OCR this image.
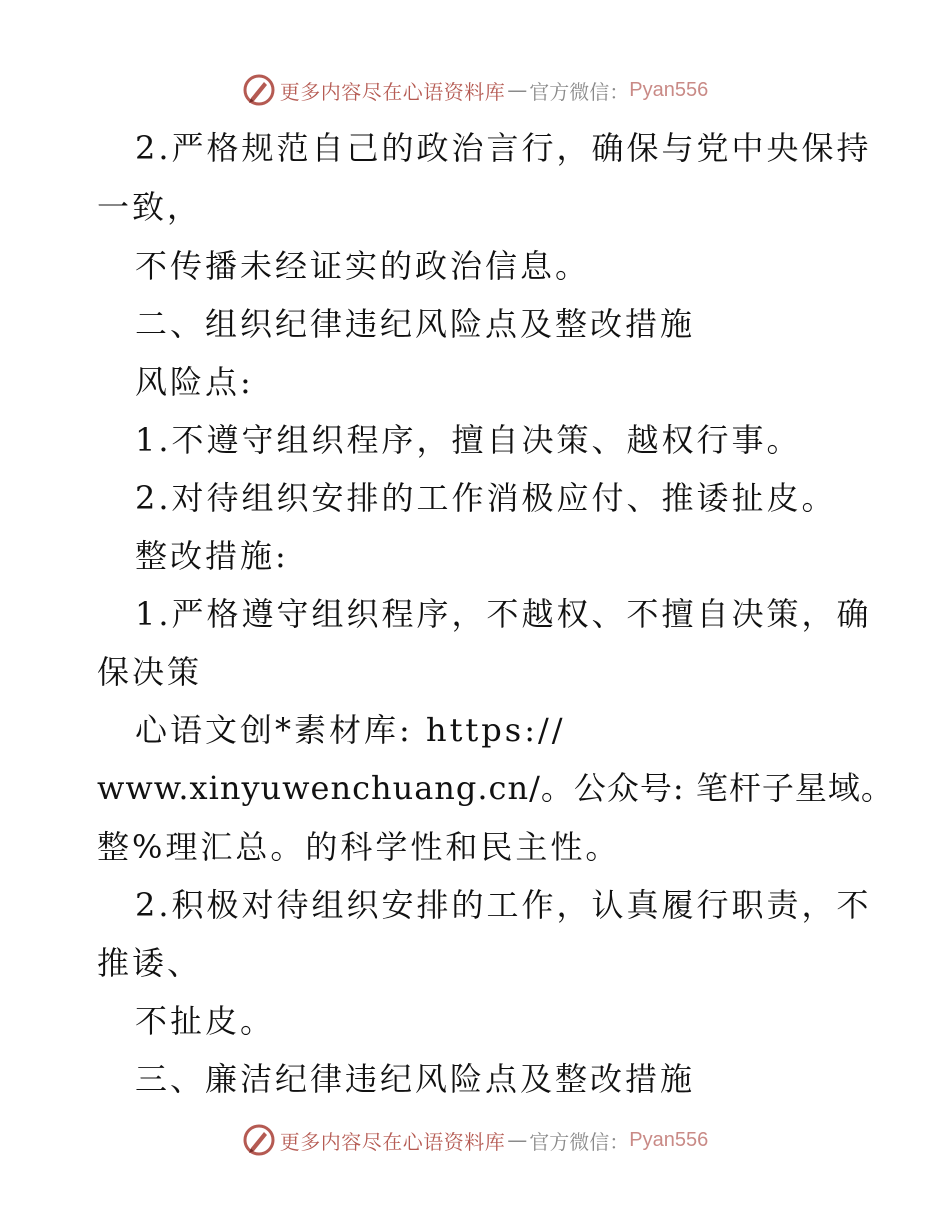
更多内容尽在心语资料库 — 官方微信： Pyan556
2.严格规范自己的政治言行，确保与党中央保持
一致，
不传播未经证实的政治信息。
二、组织纪律违纪风险点及整改措施
风险点:
1.不遵守组织程序，擅自决策、越权行事。
2.对待组织安排的工作消极应付、推诿扯皮。
整改措施:
1.严格遵守组织程序，不越权、不擅自决策，确
保决策
心语文创*素材库: https://
www.xinyuwenchuang.cn/。公众号: 笔杆子星域。
整%理汇总。的科学性和民主性。
2.积极对待组织安排的工作，认真履行职责，不
推诿、
不扯皮。
三、廉洁纪律违纪风险点及整改措施
更多内容尽在心语资料库 — 官方微信： Pyan556
